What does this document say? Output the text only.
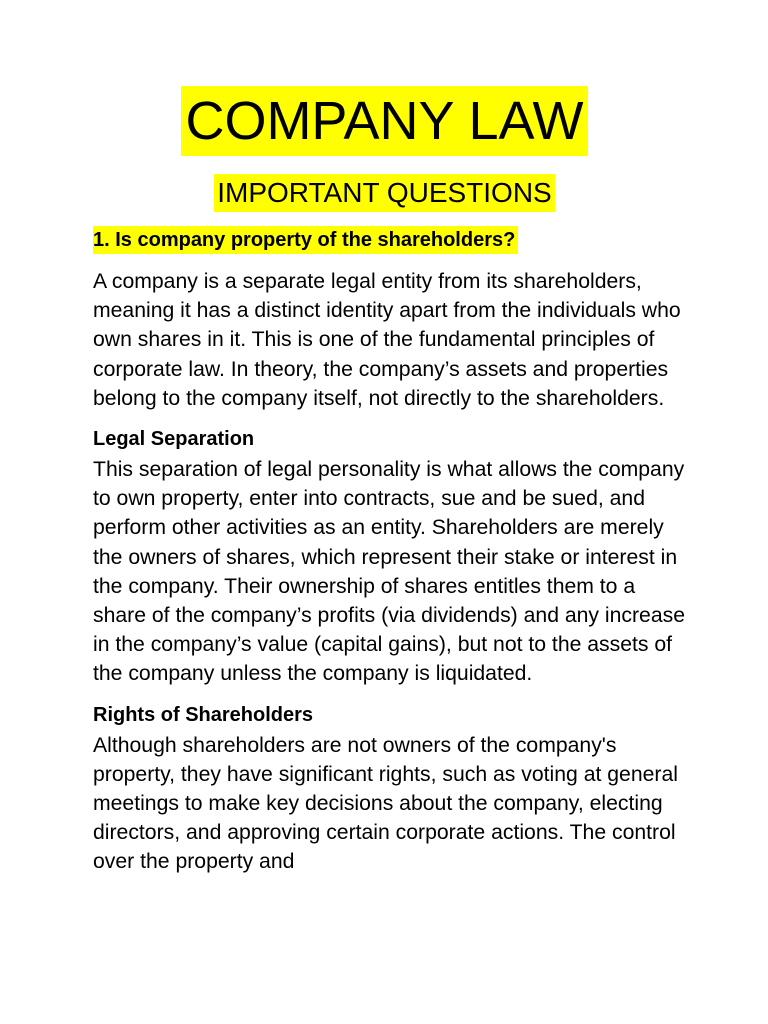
COMPANY LAW
IMPORTANT QUESTIONS
1. Is company property of the shareholders?

A company is a separate legal entity from its shareholders, meaning it has a distinct identity apart from the individuals who own shares in it. This is one of the fundamental principles of corporate law. In theory, the company’s assets and properties belong to the company itself, not directly to the shareholders.

Legal Separation

This separation of legal personality is what allows the company to own property, enter into contracts, sue and be sued, and perform other activities as an entity. Shareholders are merely the owners of shares, which represent their stake or interest in the company. Their ownership of shares entitles them to a share of the company’s profits (via dividends) and any increase in the company’s value (capital gains), but not to the assets of the company unless the company is liquidated.

Rights of Shareholders

Although shareholders are not owners of the company's property, they have significant rights, such as voting at general meetings to make key decisions about the company, electing directors, and approving certain corporate actions. The control over the property and
